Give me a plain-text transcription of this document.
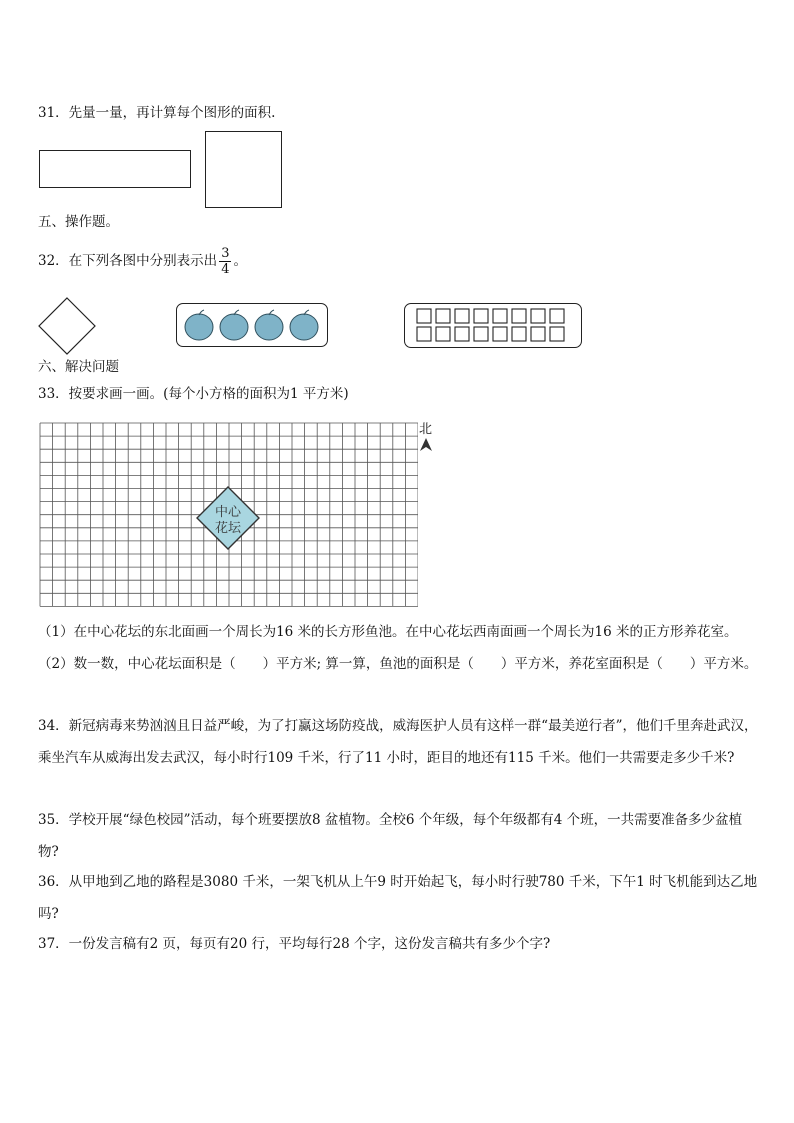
31．先量一量，再计算每个图形的面积.
五、操作题。
32．在下列各图中分别表示出 $\frac{3}{4}$ 。
六、解决问题
33．按要求画一画。(每个小方格的面积为1 平方米)
中心
花坛
北
（1）在中心花坛的东北面画一个周长为16 米的长方形鱼池。在中心花坛西南面画一个周长为16 米的正方形养花室。
（2）数一数，中心花坛面积是（　　）平方米; 算一算，鱼池的面积是（　　）平方米，养花室面积是（　　）平方米。
34．新冠病毒来势汹汹且日益严峻，为了打赢这场防疫战，威海医护人员有这样一群“最美逆行者”，他们千里奔赴武汉，乘坐汽车从威海出发去武汉，每小时行109 千米，行了11 小时，距目的地还有115 千米。他们一共需要走多少千米?
35．学校开展“绿色校园”活动，每个班要摆放8 盆植物。全校6 个年级，每个年级都有4 个班，一共需要准备多少盆植物?
36．从甲地到乙地的路程是3080 千米，一架飞机从上午9 时开始起飞，每小时行驶780 千米，下午1 时飞机能到达乙地吗?
37．一份发言稿有2 页，每页有20 行，平均每行28 个字，这份发言稿共有多少个字?
